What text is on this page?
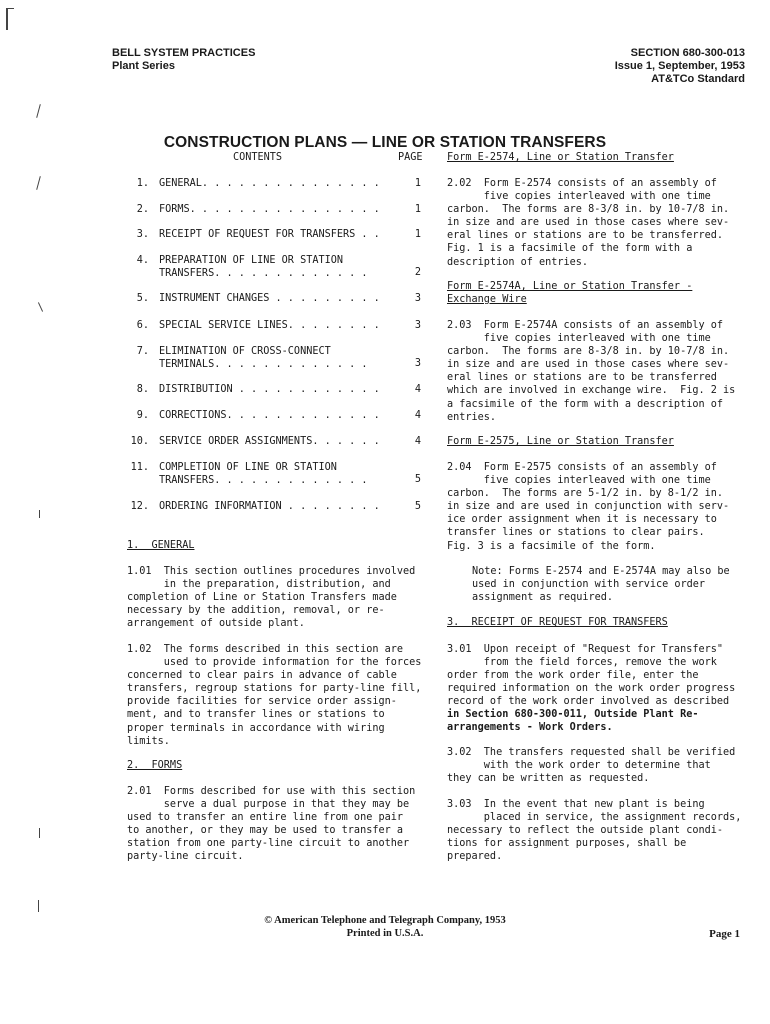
BELL SYSTEM PRACTICES
Plant Series
SECTION 680-300-013
Issue 1, September, 1953
AT&TCo Standard
CONSTRUCTION PLANS — LINE OR STATION TRANSFERS
CONTENTS	PAGE
1. GENERAL. . . . . . . . . . . . . . .	1
2. FORMS. . . . . . . . . . . . . . . .	1
3. RECEIPT OF REQUEST FOR TRANSFERS . .	1
4. PREPARATION OF LINE OR STATION
TRANSFERS. . . . . . . . . . . . .	2
5. INSTRUMENT CHANGES . . . . . . . . .	3
6. SPECIAL SERVICE LINES. . . . . . . .	3
7. ELIMINATION OF CROSS-CONNECT
TERMINALS. . . . . . . . . . . . .	3
8. DISTRIBUTION . . . . . . . . . . . .	4
9. CORRECTIONS. . . . . . . . . . . . .	4
10. SERVICE ORDER ASSIGNMENTS. . . . . .	4
11. COMPLETION OF LINE OR STATION
TRANSFERS. . . . . . . . . . . . .	5
12. ORDERING INFORMATION . . . . . . . .	5
1.  GENERAL
1.01  This section outlines procedures involved
in the preparation, distribution, and
completion of Line or Station Transfers made
necessary by the addition, removal, or re-
arrangement of outside plant.
1.02  The forms described in this section are
used to provide information for the forces
concerned to clear pairs in advance of cable
transfers, regroup stations for party-line fill,
provide facilities for service order assign-
ment, and to transfer lines or stations to
proper terminals in accordance with wiring
limits.
2.  FORMS
2.01  Forms described for use with this section
serve a dual purpose in that they may be
used to transfer an entire line from one pair
to another, or they may be used to transfer a
station from one party-line circuit to another
party-line circuit.
Form E-2574, Line or Station Transfer
2.02  Form E-2574 consists of an assembly of
five copies interleaved with one time
carbon.  The forms are 8-3/8 in. by 10-7/8 in.
in size and are used in those cases where sev-
eral lines or stations are to be transferred.
Fig. 1 is a facsimile of the form with a
description of entries.
Form E-2574A, Line or Station Transfer -
Exchange Wire
2.03  Form E-2574A consists of an assembly of
five copies interleaved with one time
carbon.  The forms are 8-3/8 in. by 10-7/8 in.
in size and are used in those cases where sev-
eral lines or stations are to be transferred
which are involved in exchange wire.  Fig. 2 is
a facsimile of the form with a description of
entries.
Form E-2575, Line or Station Transfer
2.04  Form E-2575 consists of an assembly of
five copies interleaved with one time
carbon.  The forms are 5-1/2 in. by 8-1/2 in.
in size and are used in conjunction with serv-
ice order assignment when it is necessary to
transfer lines or stations to clear pairs.
Fig. 3 is a facsimile of the form.
Note: Forms E-2574 and E-2574A may also be
used in conjunction with service order
assignment as required.
3.  RECEIPT OF REQUEST FOR TRANSFERS
3.01  Upon receipt of "Request for Transfers"
from the field forces, remove the work
order from the work order file, enter the
required information on the work order progress
record of the work order involved as described
in Section 680-300-011, Outside Plant Re-
arrangements - Work Orders.
3.02  The transfers requested shall be verified
with the work order to determine that
they can be written as requested.
3.03  In the event that new plant is being
placed in service, the assignment records,
necessary to reflect the outside plant condi-
tions for assignment purposes, shall be
prepared.
© American Telephone and Telegraph Company, 1953
Printed in U.S.A.	Page 1
